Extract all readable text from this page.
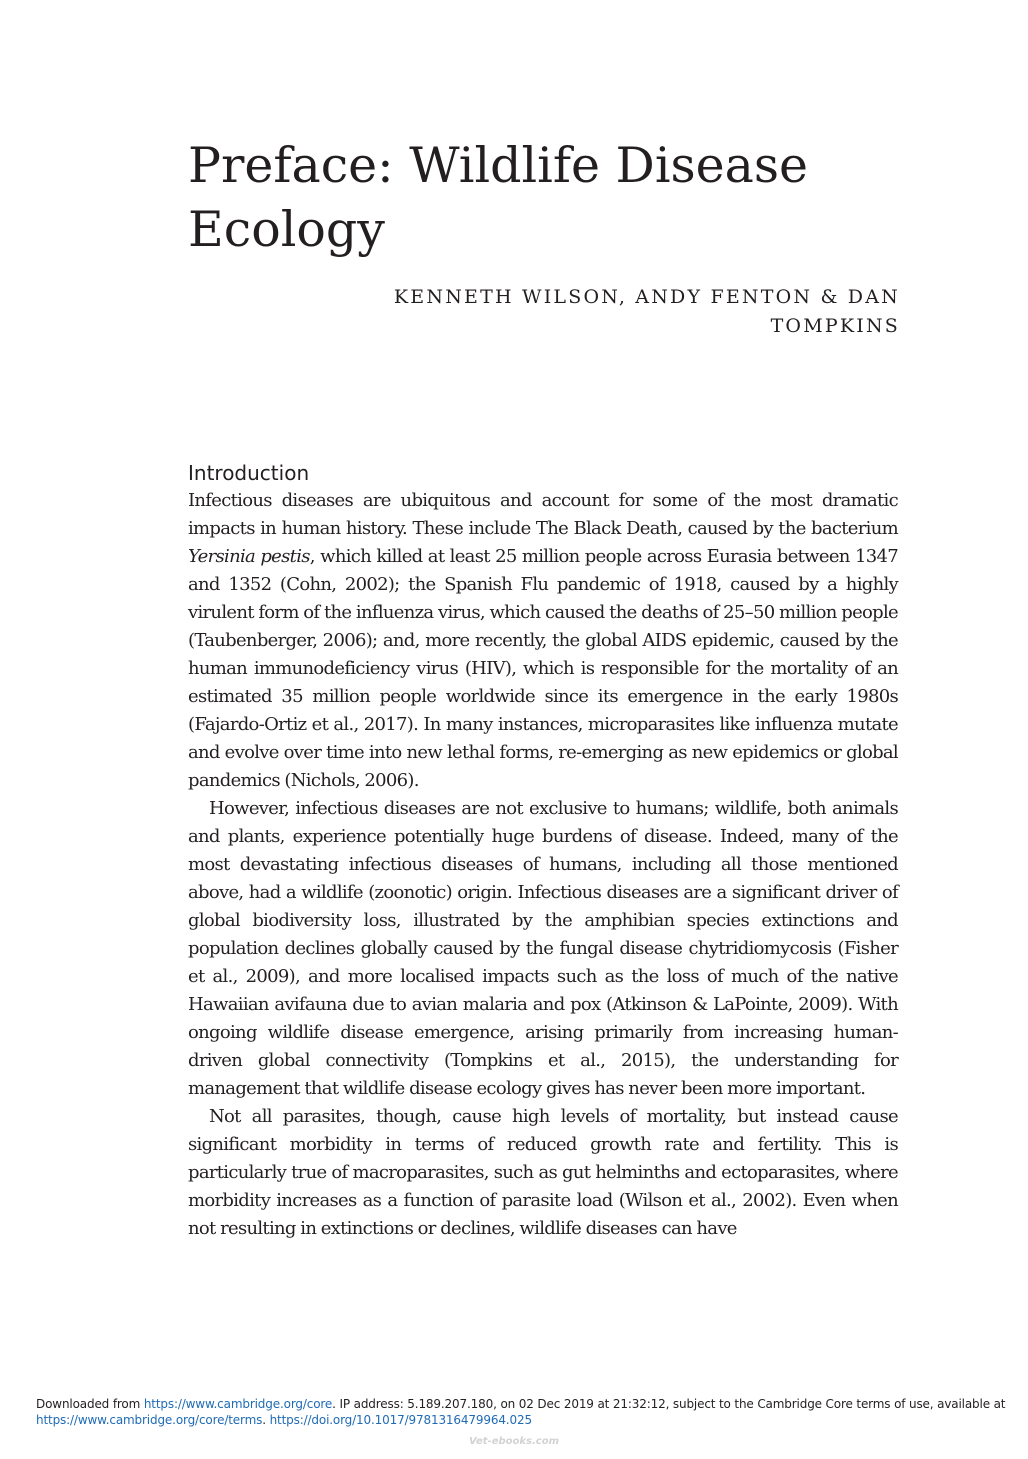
Preface: Wildlife Disease
Ecology
KENNETH WILSON, ANDY FENTON & DAN
TOMPKINS
Introduction

Infectious diseases are ubiquitous and account for some of the most dramatic impacts in human history. These include The Black Death, caused by the bacterium Yersinia pestis, which killed at least 25 million people across Eurasia between 1347 and 1352 (Cohn, 2002); the Spanish Flu pandemic of 1918, caused by a highly virulent form of the influenza virus, which caused the deaths of 25–50 million people (Taubenberger, 2006); and, more recently, the global AIDS epidemic, caused by the human immunodeficiency virus (HIV), which is responsible for the mortality of an estimated 35 million people worldwide since its emergence in the early 1980s (Fajardo-Ortiz et al., 2017). In many instances, microparasites like influenza mutate and evolve over time into new lethal forms, re-emerging as new epidemics or global pandemics (Nichols, 2006).

However, infectious diseases are not exclusive to humans; wildlife, both animals and plants, experience potentially huge burdens of disease. Indeed, many of the most devastating infectious diseases of humans, including all those mentioned above, had a wildlife (zoonotic) origin. Infectious diseases are a significant driver of global biodiversity loss, illustrated by the amphibian species extinctions and population declines globally caused by the fungal disease chytridiomycosis (Fisher et al., 2009), and more localised impacts such as the loss of much of the native Hawaiian avifauna due to avian malaria and pox (Atkinson & LaPointe, 2009). With ongoing wildlife disease emergence, arising primarily from increasing human-driven global connectivity (Tompkins et al., 2015), the understanding for management that wildlife disease ecology gives has never been more important.

Not all parasites, though, cause high levels of mortality, but instead cause significant morbidity in terms of reduced growth rate and fertility. This is particularly true of macroparasites, such as gut helminths and ectoparasites, where morbidity increases as a function of parasite load (Wilson et al., 2002). Even when not resulting in extinctions or declines, wildlife diseases can have

Downloaded from https://www.cambridge.org/core. IP address: 5.189.207.180, on 02 Dec 2019 at 21:32:12, subject to the Cambridge Core terms of use, available at
https://www.cambridge.org/core/terms. https://doi.org/10.1017/9781316479964.025
Vet-ebooks.com
